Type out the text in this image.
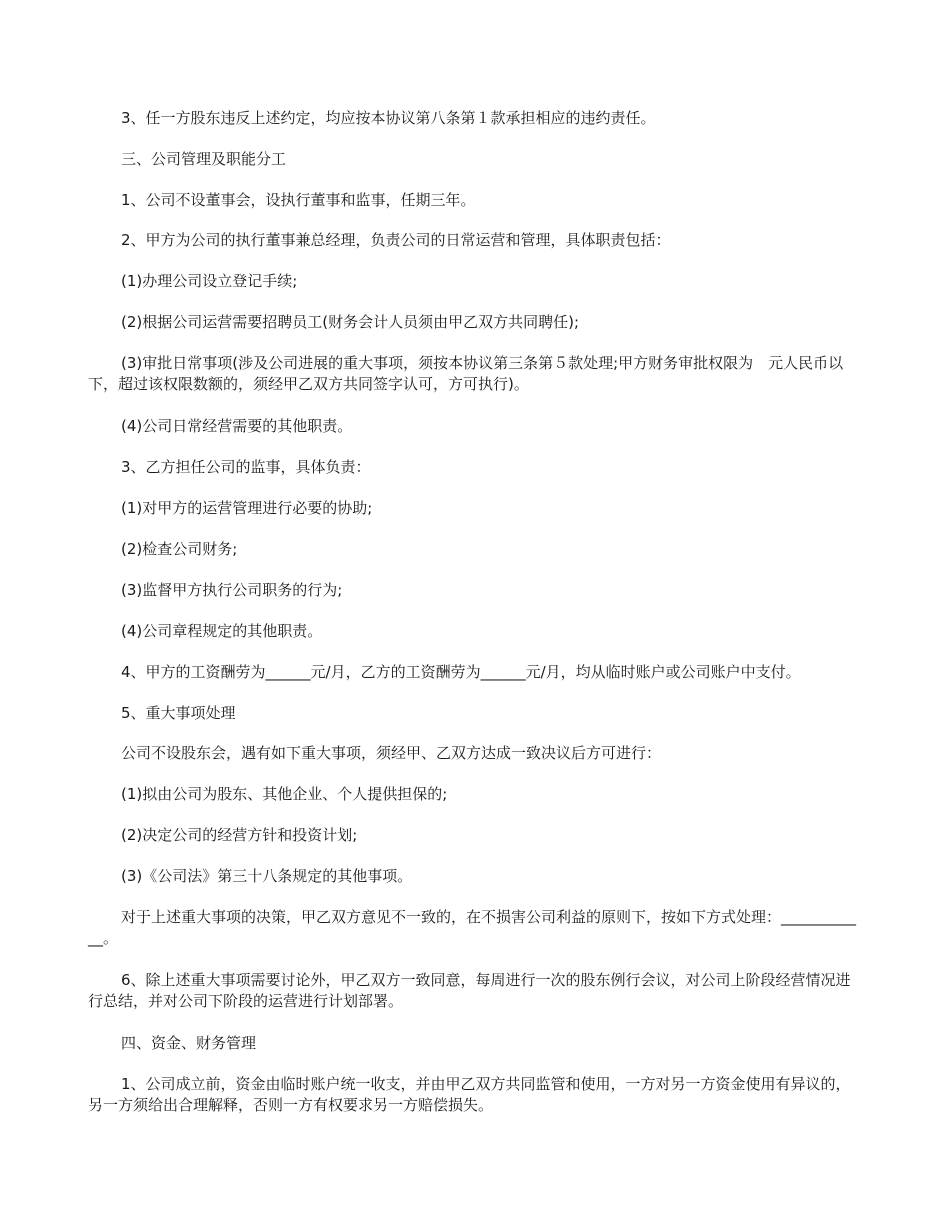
3、任一方股东违反上述约定，均应按本协议第八条第１款承担相应的违约责任。

三、公司管理及职能分工

1、公司不设董事会，设执行董事和监事，任期三年。

2、甲方为公司的执行董事兼总经理，负责公司的日常运营和管理，具体职责包括：

(1)办理公司设立登记手续;

(2)根据公司运营需要招聘员工(财务会计人员须由甲乙双方共同聘任);

(3)审批日常事项(涉及公司进展的重大事项，须按本协议第三条第５款处理;甲方财务审批权限为　元人民币以下，超过该权限数额的，须经甲乙双方共同签字认可，方可执行)。

(4)公司日常经营需要的其他职责。

3、乙方担任公司的监事，具体负责：

(1)对甲方的运营管理进行必要的协助;

(2)检查公司财务;

(3)监督甲方执行公司职务的行为;

(4)公司章程规定的其他职责。

4、甲方的工资酬劳为______元/月，乙方的工资酬劳为______元/月，均从临时账户或公司账户中支付。

5、重大事项处理

公司不设股东会，遇有如下重大事项，须经甲、乙双方达成一致决议后方可进行：

(1)拟由公司为股东、其他企业、个人提供担保的;

(2)决定公司的经营方针和投资计划;

(3)《公司法》第三十八条规定的其他事项。

对于上述重大事项的决策，甲乙双方意见不一致的，在不损害公司利益的原则下，按如下方式处理：____________。

6、除上述重大事项需要讨论外，甲乙双方一致同意，每周进行一次的股东例行会议，对公司上阶段经营情况进行总结，并对公司下阶段的运营进行计划部署。

四、资金、财务管理

1、公司成立前，资金由临时账户统一收支，并由甲乙双方共同监管和使用，一方对另一方资金使用有异议的，另一方须给出合理解释，否则一方有权要求另一方赔偿损失。
